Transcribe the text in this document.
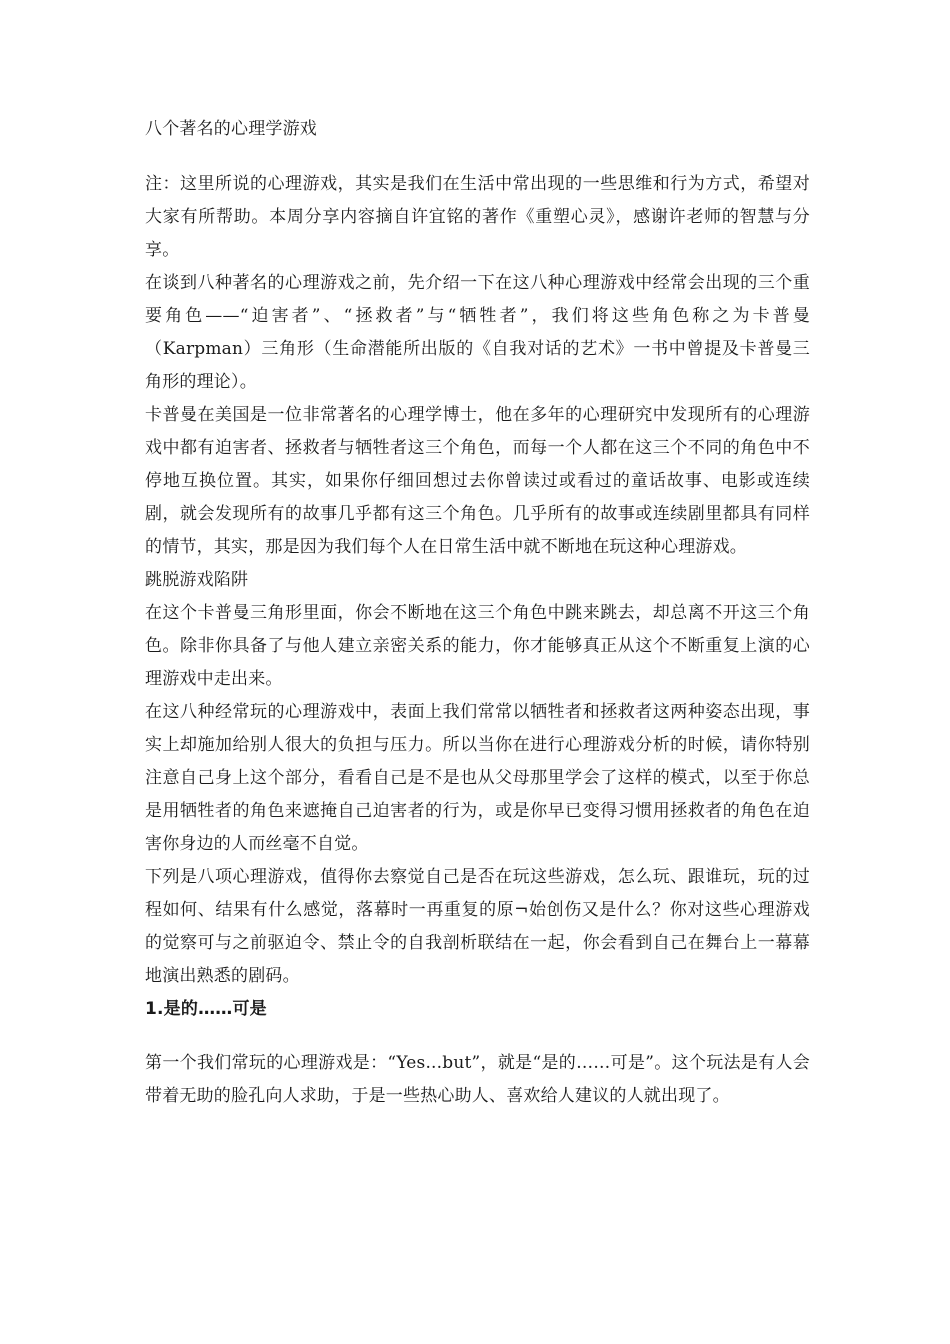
八个著名的心理学游戏

注：这里所说的心理游戏，其实是我们在生活中常出现的一些思维和行为方式，希望对大家有所帮助。本周分享内容摘自许宜铭的著作《重塑心灵》，感谢许老师的智慧与分享。

在谈到八种著名的心理游戏之前，先介绍一下在这八种心理游戏中经常会出现的三个重要角色——“迫害者”、“拯救者”与“牺牲者”，我们将这些角色称之为卡普曼（Karpman）三角形（生命潜能所出版的《自我对话的艺术》一书中曾提及卡普曼三角形的理论）。

卡普曼在美国是一位非常著名的心理学博士，他在多年的心理研究中发现所有的心理游戏中都有迫害者、拯救者与牺牲者这三个角色，而每一个人都在这三个不同的角色中不停地互换位置。其实，如果你仔细回想过去你曾读过或看过的童话故事、电影或连续剧，就会发现所有的故事几乎都有这三个角色。几乎所有的故事或连续剧里都具有同样的情节，其实，那是因为我们每个人在日常生活中就不断地在玩这种心理游戏。

跳脱游戏陷阱

在这个卡普曼三角形里面，你会不断地在这三个角色中跳来跳去，却总离不开这三个角色。除非你具备了与他人建立亲密关系的能力，你才能够真正从这个不断重复上演的心理游戏中走出来。

在这八种经常玩的心理游戏中，表面上我们常常以牺牲者和拯救者这两种姿态出现，事实上却施加给别人很大的负担与压力。所以当你在进行心理游戏分析的时候，请你特别注意自己身上这个部分，看看自己是不是也从父母那里学会了这样的模式，以至于你总是用牺牲者的角色来遮掩自己迫害者的行为，或是你早已变得习惯用拯救者的角色在迫害你身边的人而丝毫不自觉。

下列是八项心理游戏，值得你去察觉自己是否在玩这些游戏，怎么玩、跟谁玩，玩的过程如何、结果有什么感觉，落幕时一再重复的原¬始创伤又是什么？你对这些心理游戏的觉察可与之前驱迫令、禁止令的自我剖析联结在一起，你会看到自己在舞台上一幕幕地演出熟悉的剧码。

1.是的……可是

第一个我们常玩的心理游戏是：“Yes...but”，就是“是的……可是”。这个玩法是有人会带着无助的脸孔向人求助，于是一些热心助人、喜欢给人建议的人就出现了。
